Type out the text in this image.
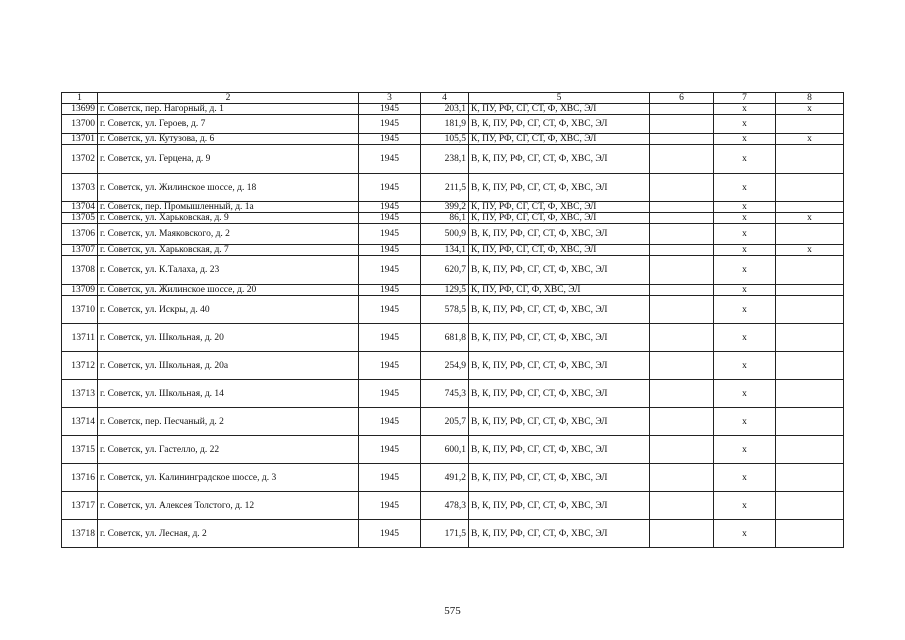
1	2	3	4	5	6	7	8
13699	г. Советск, пер. Нагорный, д. 1	1945	203,1	К, ПУ, РФ, СГ, СТ, Ф, ХВС, ЭЛ		х	х
13700	г. Советск, ул. Героев, д. 7	1945	181,9	В, К, ПУ, РФ, СГ, СТ, Ф, ХВС, ЭЛ		х	
13701	г. Советск, ул. Кутузова, д. 6	1945	105,5	К, ПУ, РФ, СГ, СТ, Ф, ХВС, ЭЛ		х	х
13702	г. Советск, ул. Герцена, д. 9	1945	238,1	В, К, ПУ, РФ, СГ, СТ, Ф, ХВС, ЭЛ		х	
13703	г. Советск, ул. Жилинское шоссе, д. 18	1945	211,5	В, К, ПУ, РФ, СГ, СТ, Ф, ХВС, ЭЛ		х	
13704	г. Советск, пер. Промышленный, д. 1а	1945	399,2	К, ПУ, РФ, СГ, СТ, Ф, ХВС, ЭЛ		х	
13705	г. Советск, ул. Харьковская, д. 9	1945	86,1	К, ПУ, РФ, СГ, СТ, Ф, ХВС, ЭЛ		х	х
13706	г. Советск, ул. Маяковского, д. 2	1945	500,9	В, К, ПУ, РФ, СГ, СТ, Ф, ХВС, ЭЛ		х	
13707	г. Советск, ул. Харьковская, д. 7	1945	134,1	К, ПУ, РФ, СГ, СТ, Ф, ХВС, ЭЛ		х	х
13708	г. Советск, ул. К.Талаха, д. 23	1945	620,7	В, К, ПУ, РФ, СГ, СТ, Ф, ХВС, ЭЛ		х	
13709	г. Советск, ул. Жилинское шоссе, д. 20	1945	129,5	К, ПУ, РФ, СГ, Ф, ХВС, ЭЛ		х	
13710	г. Советск, ул. Искры, д. 40	1945	578,5	В, К, ПУ, РФ, СГ, СТ, Ф, ХВС, ЭЛ		х	
13711	г. Советск, ул. Школьная, д. 20	1945	681,8	В, К, ПУ, РФ, СГ, СТ, Ф, ХВС, ЭЛ		х	
13712	г. Советск, ул. Школьная, д. 20а	1945	254,9	В, К, ПУ, РФ, СГ, СТ, Ф, ХВС, ЭЛ		х	
13713	г. Советск, ул. Школьная, д. 14	1945	745,3	В, К, ПУ, РФ, СГ, СТ, Ф, ХВС, ЭЛ		х	
13714	г. Советск, пер. Песчаный, д. 2	1945	205,7	В, К, ПУ, РФ, СГ, СТ, Ф, ХВС, ЭЛ		х	
13715	г. Советск, ул. Гастелло, д. 22	1945	600,1	В, К, ПУ, РФ, СГ, СТ, Ф, ХВС, ЭЛ		х	
13716	г. Советск, ул. Калининградское шоссе, д. 3	1945	491,2	В, К, ПУ, РФ, СГ, СТ, Ф, ХВС, ЭЛ		х	
13717	г. Советск, ул. Алексея Толстого, д. 12	1945	478,3	В, К, ПУ, РФ, СГ, СТ, Ф, ХВС, ЭЛ		х	
13718	г. Советск, ул. Лесная, д. 2	1945	171,5	В, К, ПУ, РФ, СГ, СТ, Ф, ХВС, ЭЛ		х	
575
